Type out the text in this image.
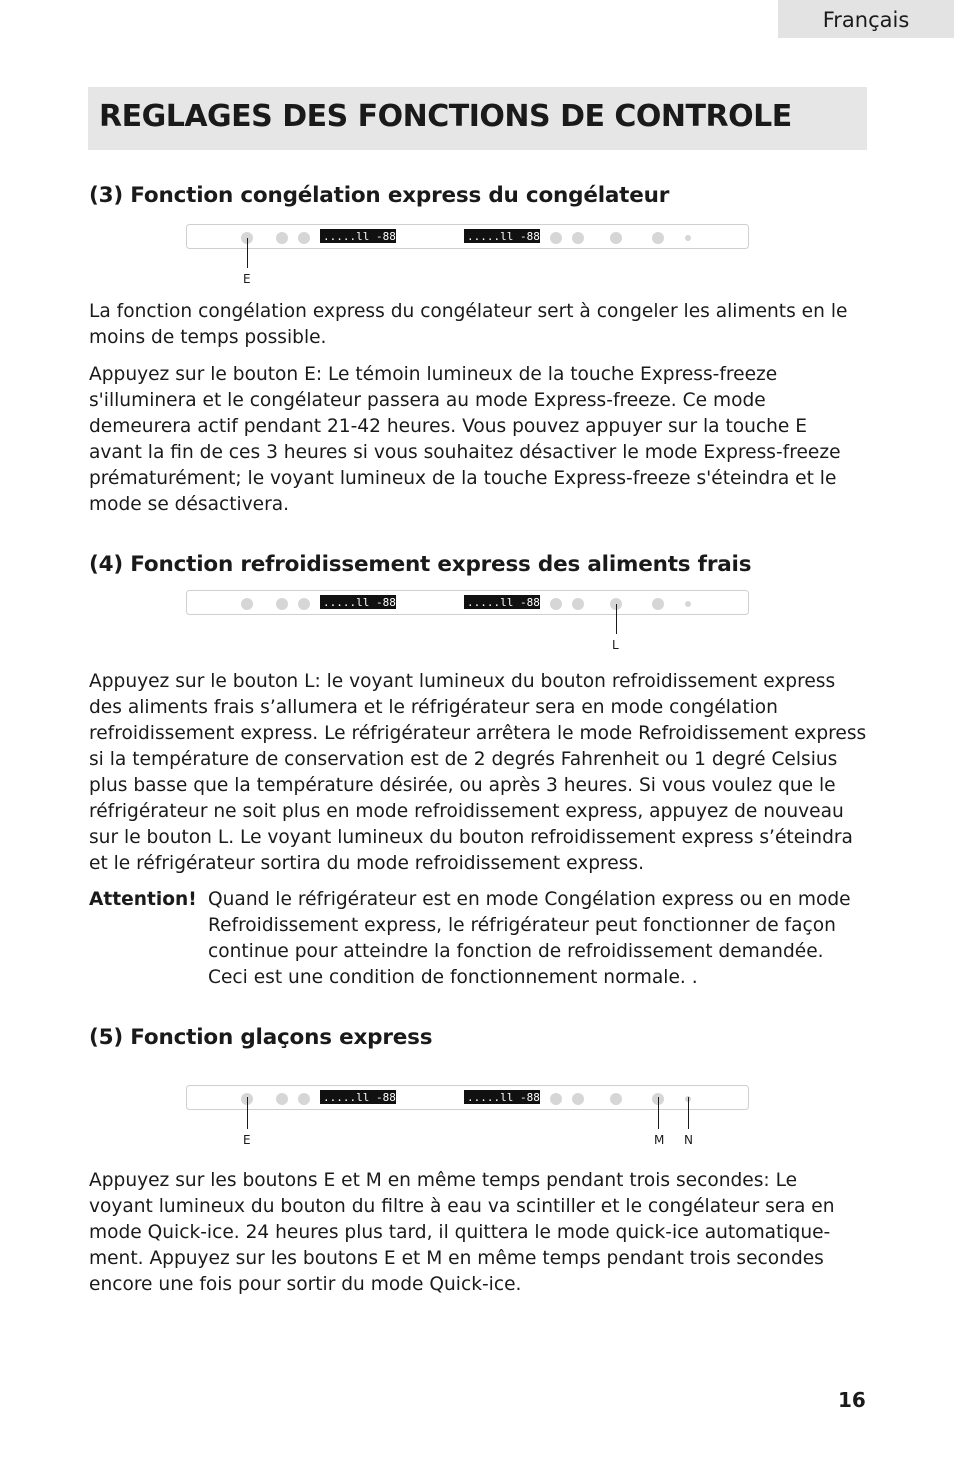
Français
REGLAGES DES FONCTIONS DE CONTROLE
(3) Fonction congélation express du congélateur
.....ll -88	.....ll -88
E

La fonction congélation express du congélateur sert à congeler les aliments en le
moins de temps possible.

Appuyez sur le bouton E: Le témoin lumineux de la touche Express-freeze
s'illuminera et le congélateur passera au mode Express-freeze. Ce mode
demeurera actif pendant 21-42 heures. Vous pouvez appuyer sur la touche E
avant la fin de ces 3 heures si vous souhaitez désactiver le mode Express-freeze
prématurément; le voyant lumineux de la touche Express-freeze s'éteindra et le
mode se désactivera.

(4) Fonction refroidissement express des aliments frais
.....ll -88	.....ll -88
L

Appuyez sur le bouton L: le voyant lumineux du bouton refroidissement express
des aliments frais s’allumera et le réfrigérateur sera en mode congélation
refroidissement express. Le réfrigérateur arrêtera le mode Refroidissement express
si la température de conservation est de 2 degrés Fahrenheit ou 1 degré Celsius
plus basse que la température désirée, ou après 3 heures. Si vous voulez que le
réfrigérateur ne soit plus en mode refroidissement express, appuyez de nouveau
sur le bouton L. Le voyant lumineux du bouton refroidissement express s’éteindra
et le réfrigérateur sortira du mode refroidissement express.

Attention! Quand le réfrigérateur est en mode Congélation express ou en mode
Refroidissement express, le réfrigérateur peut fonctionner de façon
continue pour atteindre la fonction de refroidissement demandée.
Ceci est une condition de fonctionnement normale. .

(5) Fonction glaçons express
.....ll -88	.....ll -88
E	M N

Appuyez sur les boutons E et M en même temps pendant trois secondes: Le
voyant lumineux du bouton du filtre à eau va scintiller et le congélateur sera en
mode Quick-ice. 24 heures plus tard, il quittera le mode quick-ice automatique-
ment. Appuyez sur les boutons E et M en même temps pendant trois secondes
encore une fois pour sortir du mode Quick-ice.

16
